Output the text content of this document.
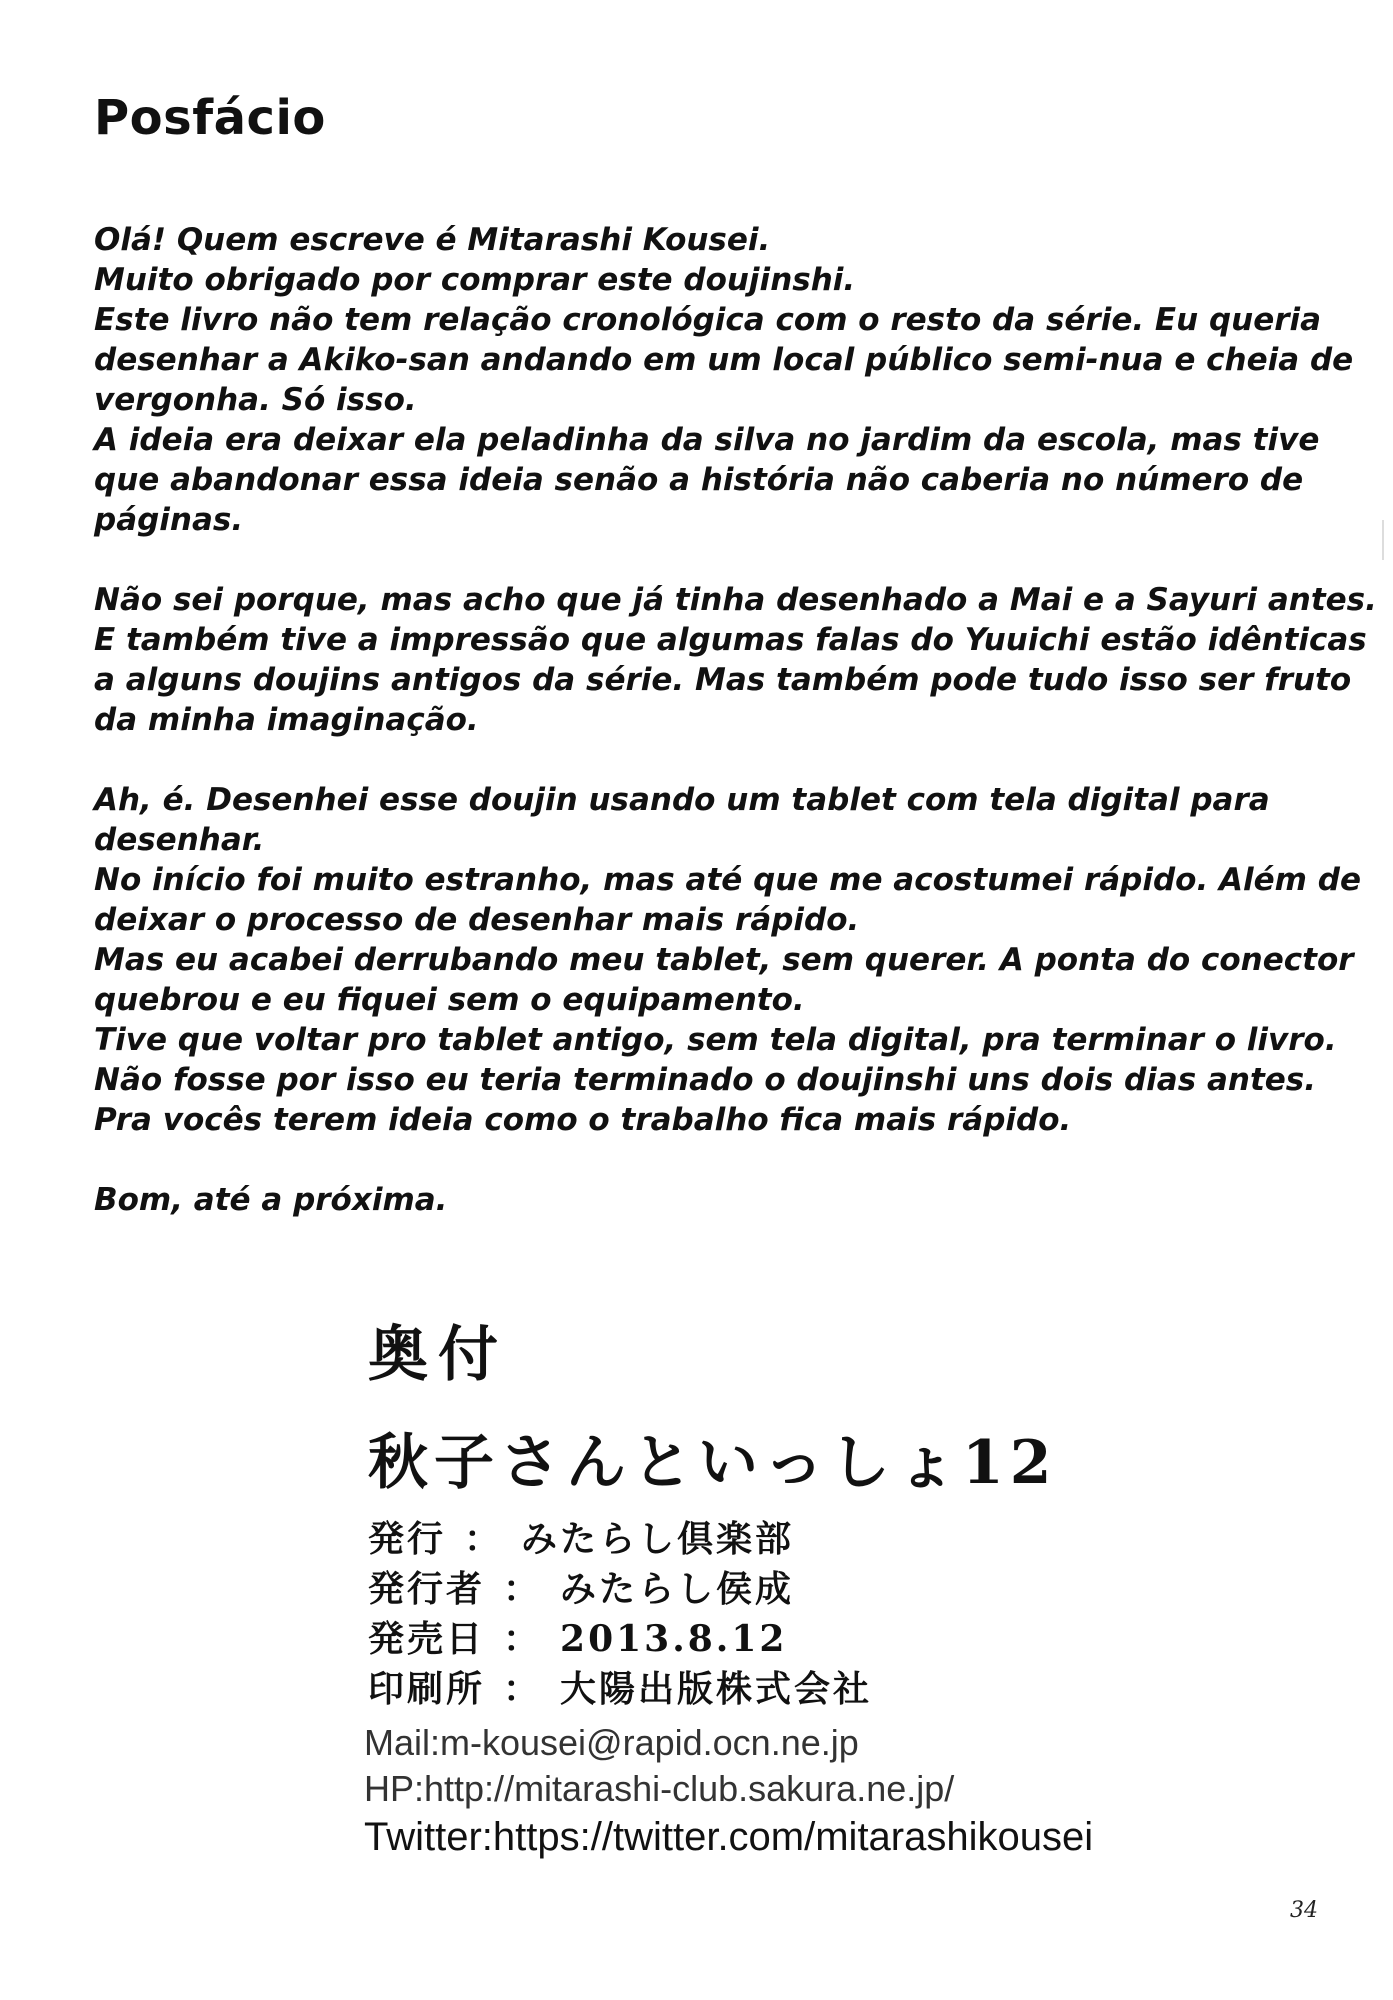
Posfácio
Olá! Quem escreve é Mitarashi Kousei.
Muito obrigado por comprar este doujinshi.
Este livro não tem relação cronológica com o resto da série. Eu queria
desenhar a Akiko-san andando em um local público semi-nua e cheia de
vergonha. Só isso.
A ideia era deixar ela peladinha da silva no jardim da escola, mas tive
que abandonar essa ideia senão a história não caberia no número de
páginas.
Não sei porque, mas acho que já tinha desenhado a Mai e a Sayuri antes.
E também tive a impressão que algumas falas do Yuuichi estão idênticas
a alguns doujins antigos da série. Mas também pode tudo isso ser fruto
da minha imaginação.
Ah, é. Desenhei esse doujin usando um tablet com tela digital para
desenhar.
No início foi muito estranho, mas até que me acostumei rápido. Além de
deixar o processo de desenhar mais rápido.
Mas eu acabei derrubando meu tablet, sem querer. A ponta do conector
quebrou e eu fiquei sem o equipamento.
Tive que voltar pro tablet antigo, sem tela digital, pra terminar o livro.
Não fosse por isso eu teria terminado o doujinshi uns dois dias antes.
Pra vocês terem ideia como o trabalho fica mais rápido.
Bom, até a próxima.
奥付
秋子さんといっしょ12
発行 ： みたらし倶楽部
発行者 ： みたらし侯成
発売日 ： 2013.8.12
印刷所 ： 大陽出版株式会社
Mail:m-kousei@rapid.ocn.ne.jp
HP:http://mitarashi-club.sakura.ne.jp/
Twitter:https://twitter.com/mitarashikousei
34
